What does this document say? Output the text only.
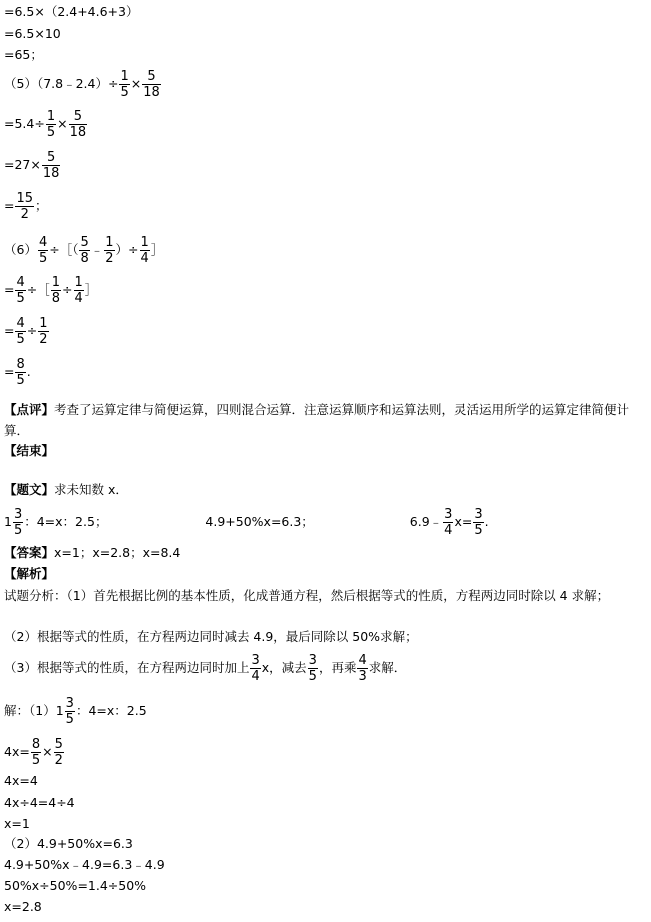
=6.5×（2.4+4.6+3）
=6.5×10
=65；
（5）（7.8﹣2.4）÷ $\frac{1}{5} \times \frac{5}{18}$
$=5.4\div \frac{1}{5} \times \frac{5}{18}$
$=27\times \frac{5}{18}$
= $\frac{15}{2}$ ；
$(6) \frac{4}{5}$ ÷［（ $\frac{5}{8}$ ﹣ $\frac{1}{2}$ ）÷ $\frac{1}{4}$ ］
= $\frac{4}{5}$ ÷［ $\frac{1}{8} \div \frac{1}{4}$ ］
= $\frac{4}{5} \div \frac{1}{2}$
= $\frac{8}{5}$ .
【点评】考查了运算定律与简便运算，四则混合运算．注意运算顺序和运算法则，灵活运用所学的运算定律简便计算．
【结束】
【题文】求未知数 x．
$1 \frac{3}{5}$ ：4=x：2.5；	4.9+50%x=6.3；	6.9﹣ $\frac{3}{4} x= \frac{3}{5}$ .
【答案】x=1；x=2.8；x=8.4
【解析】
试题分析：（1）首先根据比例的基本性质，化成普通方程，然后根据等式的性质，方程两边同时除以 4 求解；
（2）根据等式的性质，在方程两边同时减去 4.9，最后同除以 50%求解；
（3）根据等式的性质，在方程两边同时加上 $\frac{3}{4}$ x，减去 $\frac{3}{5}$ ，再乘 $\frac{4}{3}$ 求解．
解：$(1)1 \frac{3}{5}$ ：4=x：2.5
$4x= \frac{8}{5} \times \frac{5}{2}$
4x=4
4x÷4=4÷4
x=1
（2）4.9+50%x=6.3
4.9+50%x﹣4.9=6.3﹣4.9
50%x÷50%=1.4÷50%
x=2.8
